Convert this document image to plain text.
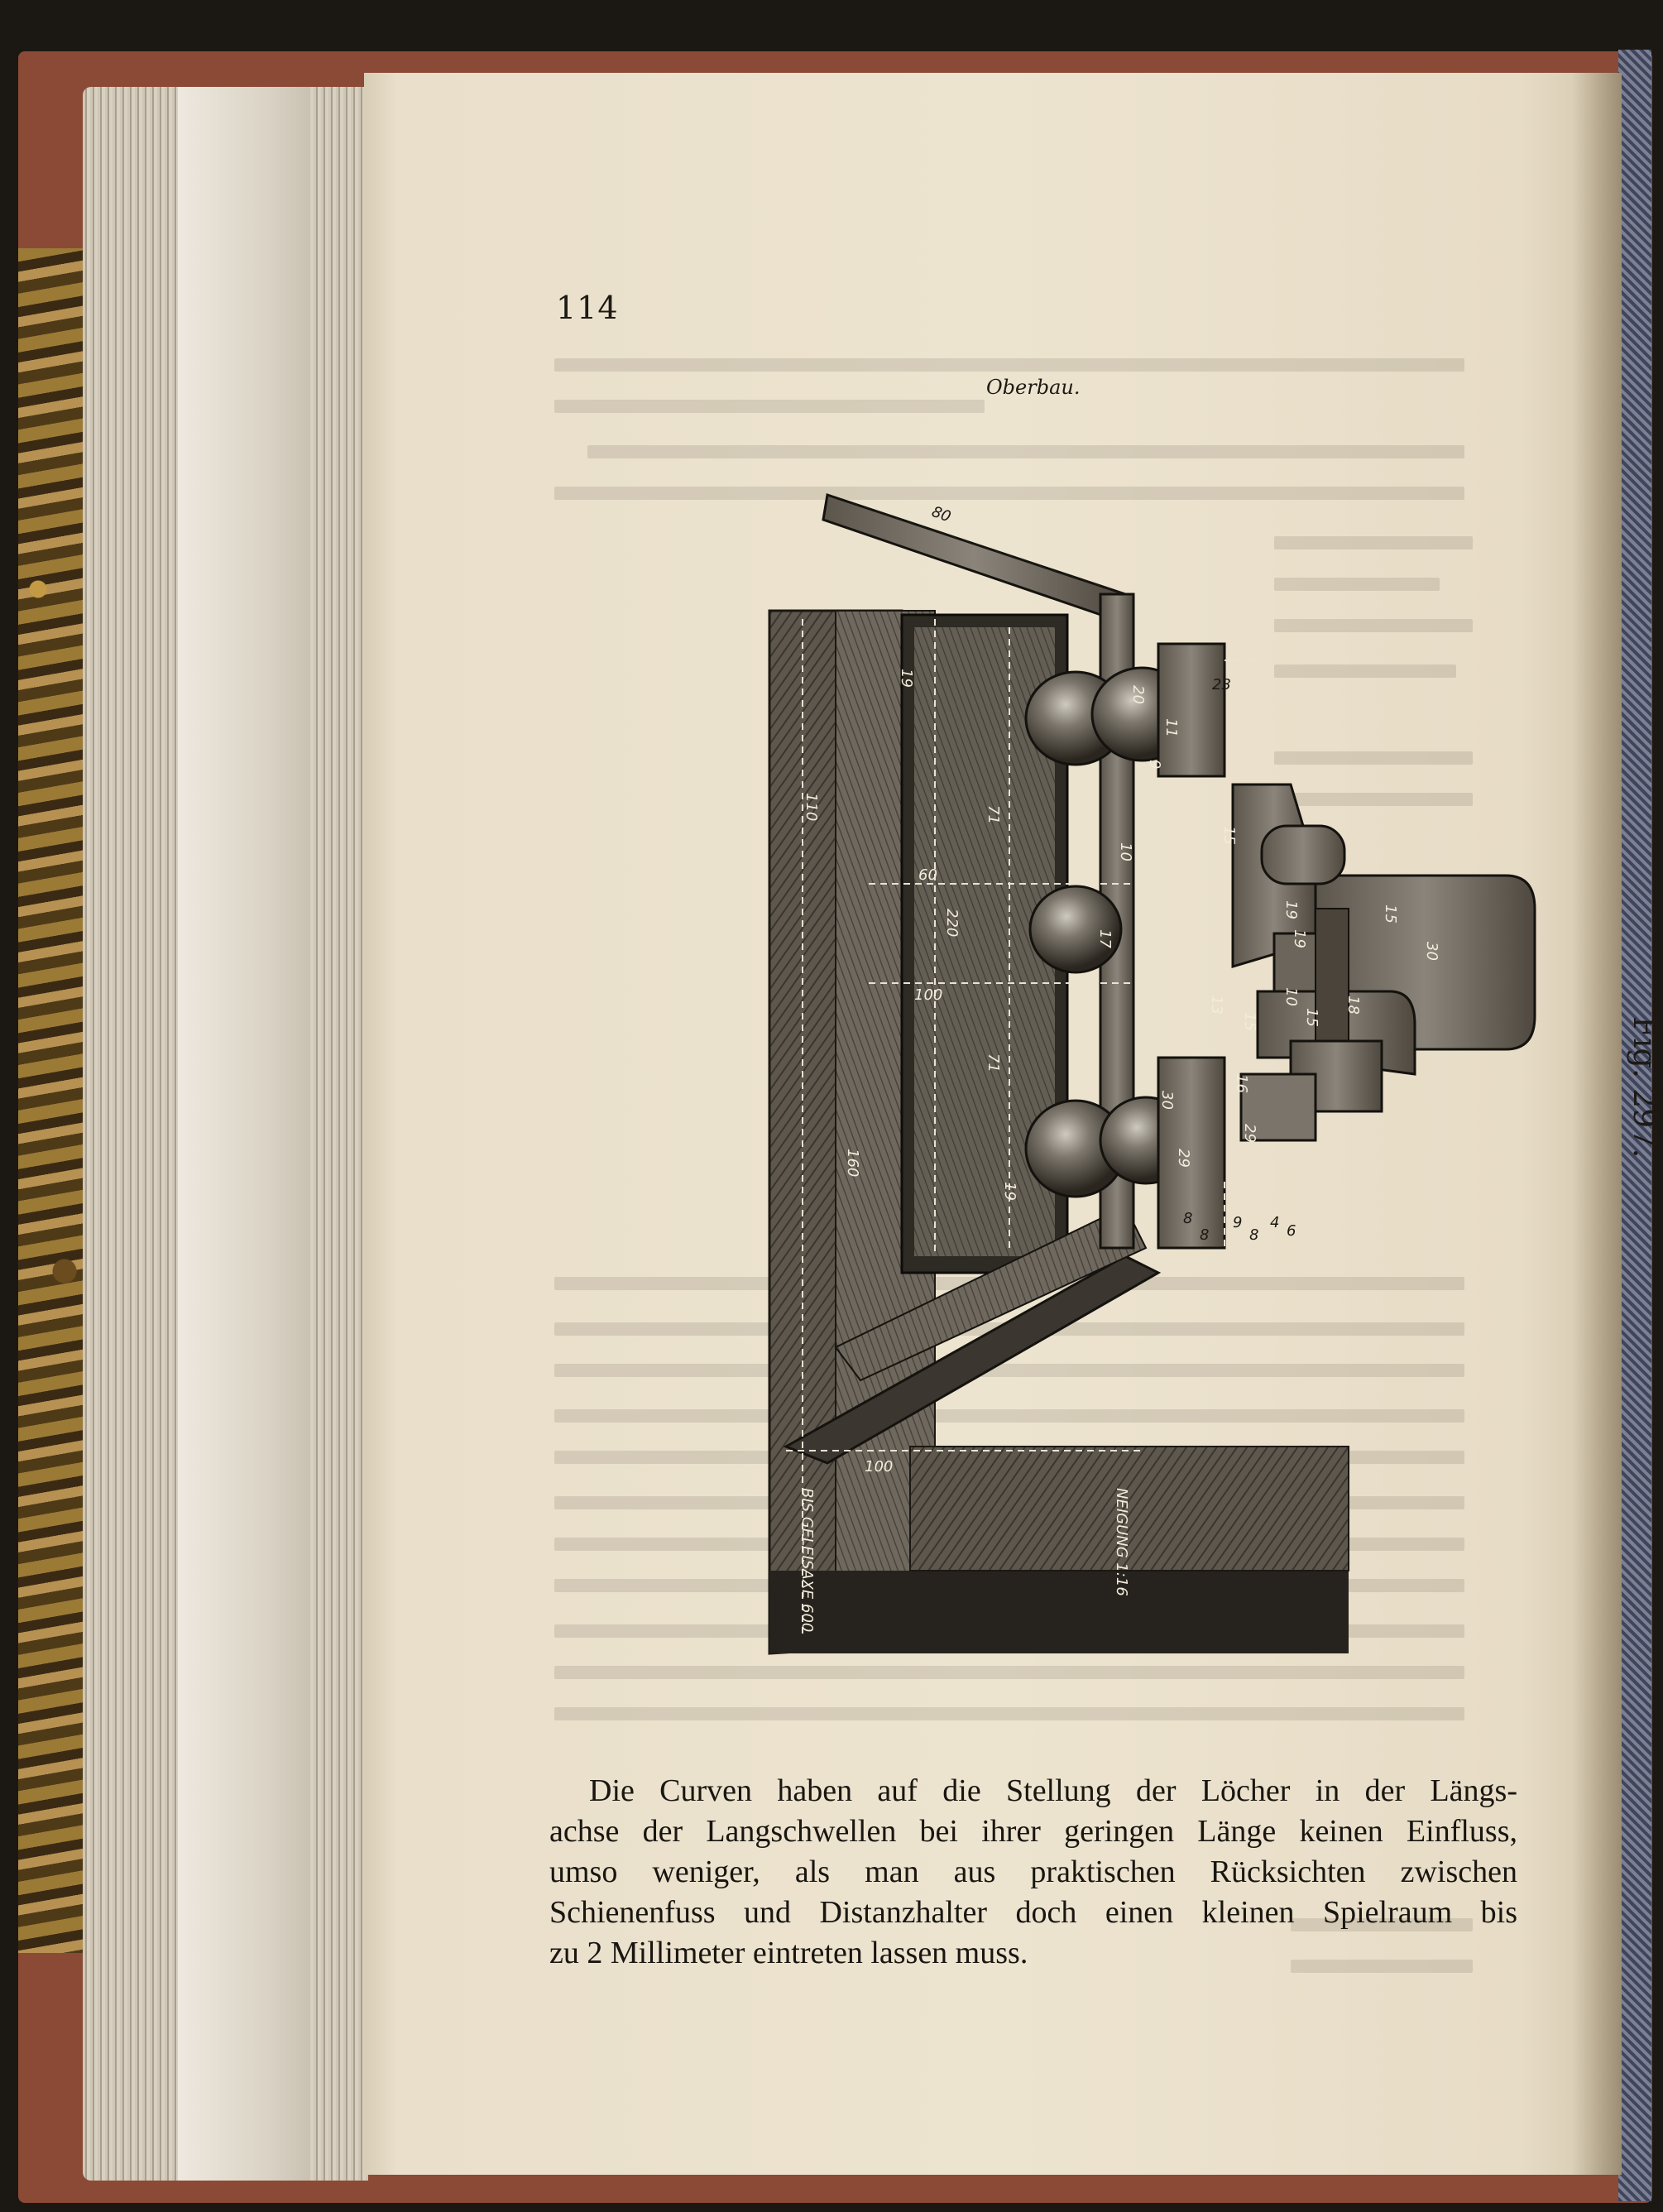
114
Oberbau.
80
23
19
20
10
11
9
15
110	71
60
220
17	19
19
30
100
71
10
15
15
13
15
18
160
30
29
29
16
19
8
8
9
8
4 6
100
BIS GELEISAXE 600	NEIGUNG 1:16
Fig. 297.
Die Curven haben auf die Stellung der Löcher in der Längs-
achse der Langschwellen bei ihrer geringen Länge keinen Einfluss,
umso weniger, als man aus praktischen Rücksichten zwischen
Schienenfuss und Distanzhalter doch einen kleinen Spielraum bis
zu 2 Millimeter eintreten lassen muss.
